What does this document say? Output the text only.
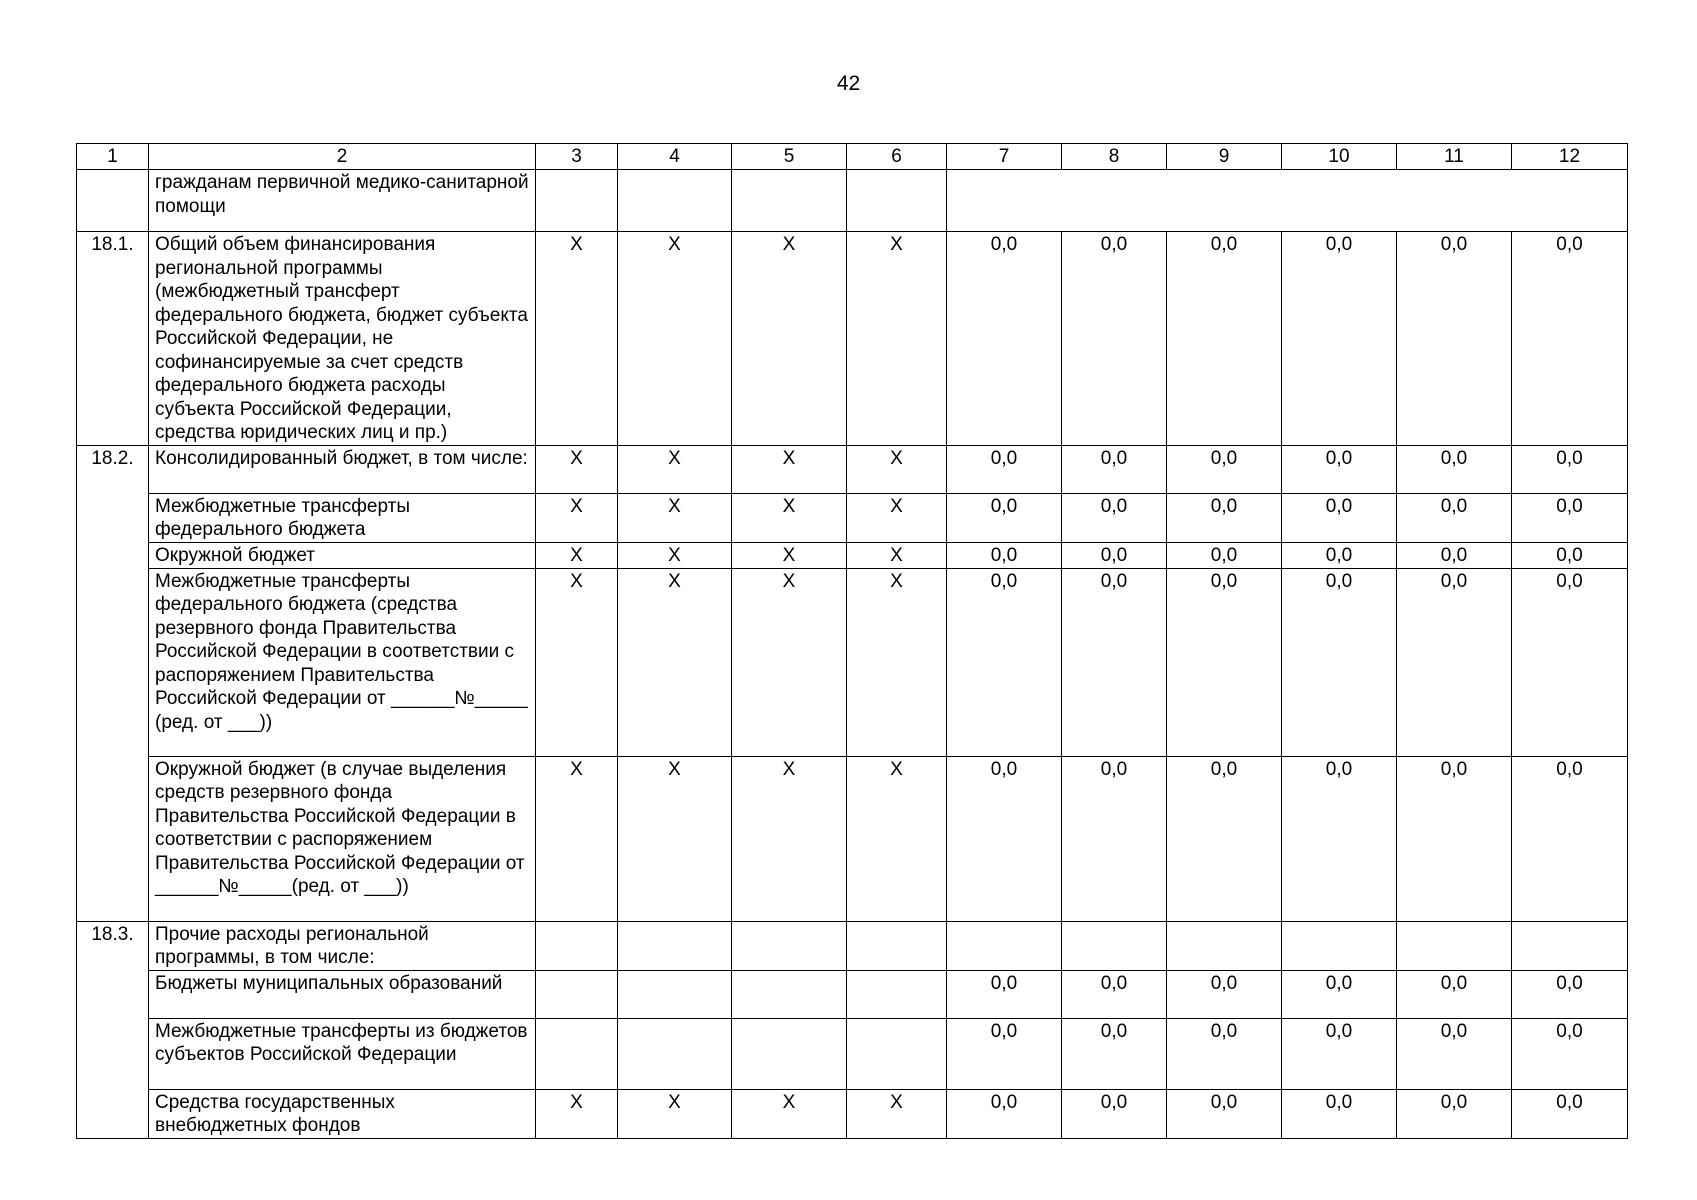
42
1	2	3	4	5	6	7	8	9	10	11	12
	гражданам первичной медико-санитарной помощи										
18.1.	Общий объем финансирования региональной программы (межбюджетный трансферт федерального бюджета, бюджет субъекта Российской Федерации, не софинансируемые за счет средств федерального бюджета расходы субъекта Российской Федерации, средства юридических лиц и пр.)	X	X	X	X	0,0	0,0	0,0	0,0	0,0	0,0
18.2.	Консолидированный бюджет, в том числе:	X	X	X	X	0,0	0,0	0,0	0,0	0,0	0,0
	Межбюджетные трансферты федерального бюджета	X	X	X	X	0,0	0,0	0,0	0,0	0,0	0,0
	Окружной бюджет	X	X	X	X	0,0	0,0	0,0	0,0	0,0	0,0
	Межбюджетные трансферты федерального бюджета (средства резервного фонда Правительства Российской Федерации в соответствии с распоряжением Правительства Российской Федерации от ______№_____ (ред. от ___))	X	X	X	X	0,0	0,0	0,0	0,0	0,0	0,0
	Окружной бюджет (в случае выделения средств резервного фонда Правительства Российской Федерации в соответствии с распоряжением Правительства Российской Федерации от ______№_____(ред. от ___))	X	X	X	X	0,0	0,0	0,0	0,0	0,0	0,0
18.3.	Прочие расходы региональной программы, в том числе:										
	Бюджеты муниципальных образований					0,0	0,0	0,0	0,0	0,0	0,0
	Межбюджетные трансферты из бюджетов субъектов Российской Федерации					0,0	0,0	0,0	0,0	0,0	0,0
	Средства государственных внебюджетных фондов	X	X	X	X	0,0	0,0	0,0	0,0	0,0	0,0
